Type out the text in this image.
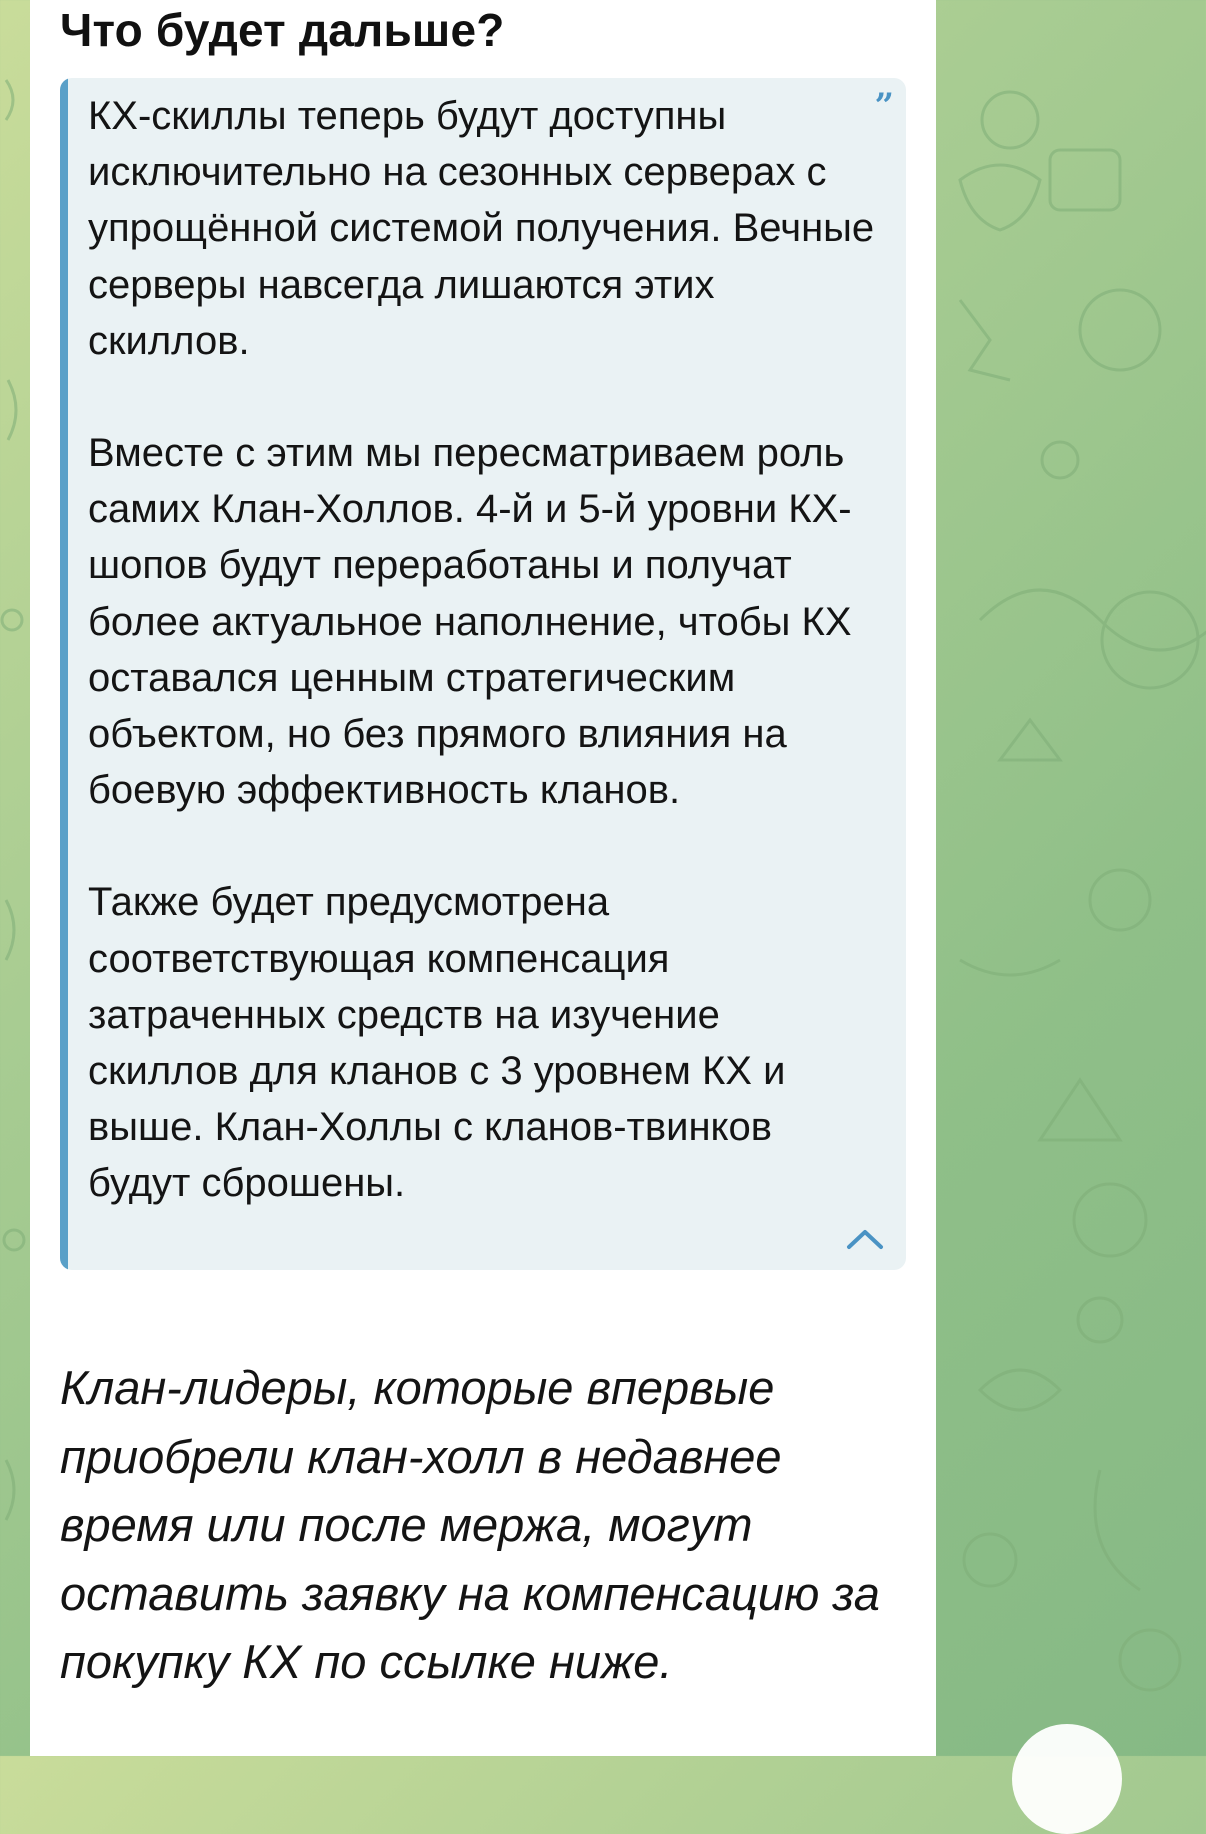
Что будет дальше?
”

КХ-скиллы теперь будут доступны исключительно на сезонных серверах с упрощённой системой получения. Вечные серверы навсегда лишаются этих скиллов.

Вместе с этим мы пересматриваем роль самих Клан-Холлов. 4-й и 5-й уровни КХ-шопов будут переработаны и получат более актуальное наполнение, чтобы КХ оставался ценным стратегическим объектом, но без прямого влияния на боевую эффективность кланов.

Также будет предусмотрена соответствующая компенсация затраченных средств на изучение скиллов для кланов с 3 уровнем КХ и выше. Клан-Холлы с кланов-твинков будут сброшены.

Клан-лидеры, которые впервые приобрели клан-холл в недавнее время или после мержа, могут оставить заявку на компенсацию за покупку КХ по ссылке ниже.
